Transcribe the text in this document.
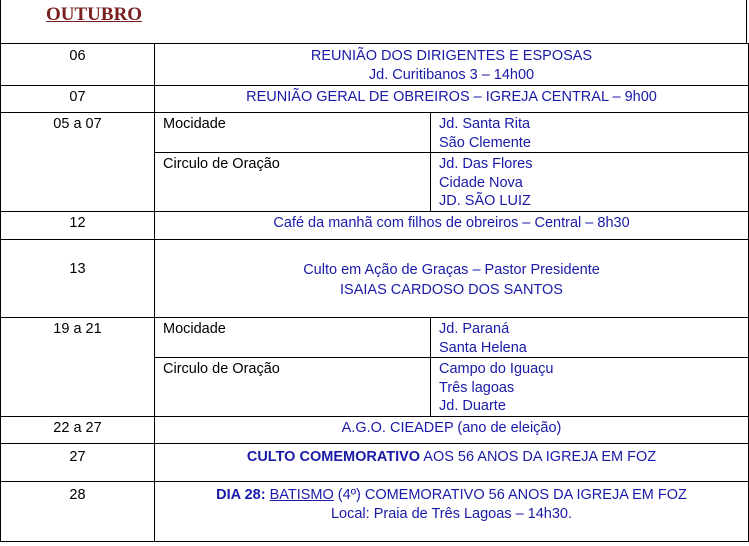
OUTUBRO
06	REUNIÃO DOS DIRIGENTES E ESPOSAS
Jd. Curitibanos 3 – 14h00	

07	REUNIÃO GERAL DE OBREIROS – IGREJA CENTRAL – 9h00	
05 a 07	Mocidade	Jd. Santa Rita
São Clemente

	Circulo de Oração	Jd. Das Flores
Cidade Nova
JD. SÃO LUIZ

12	Café da manhã com filhos de obreiros – Central – 8h30	
13	Culto em Ação de Graças – Pastor Presidente
ISAIAS CARDOSO DOS SANTOS	

19 a 21	Mocidade	Jd. Paraná
Santa Helena

	Circulo de Oração	Campo do Iguaçu
Três lagoas
Jd. Duarte

22 a 27	A.G.O. CIEADEP (ano de eleição)	
27	CULTO COMEMORATIVO AOS 56 ANOS DA IGREJA EM FOZ	
28	DIA 28: BATISMO (4º) COMEMORATIVO 56 ANOS DA IGREJA EM FOZ
Local: Praia de Três Lagoas – 14h30.	
